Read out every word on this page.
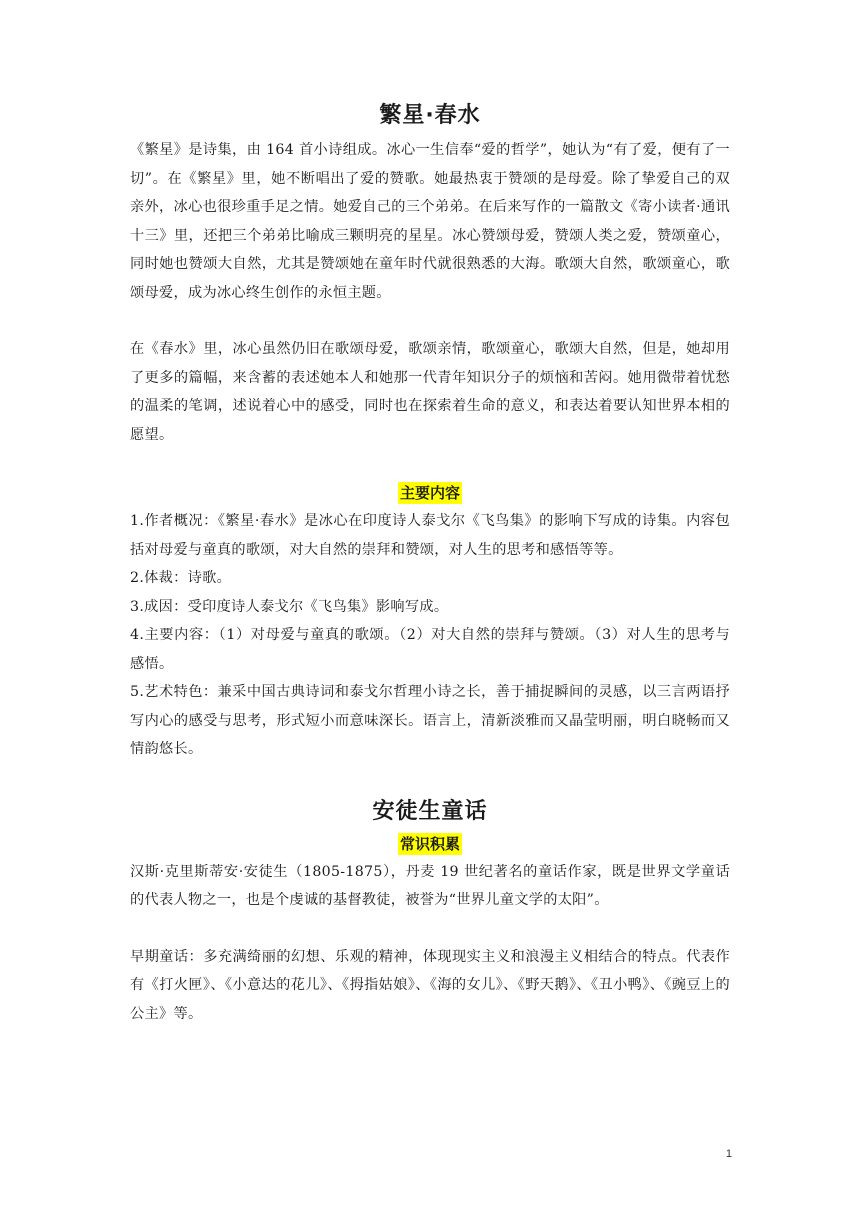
繁星·春水

《繁星》是诗集，由 164 首小诗组成。冰心一生信奉“爱的哲学”，她认为“有了爱，便有了一切”。在《繁星》里，她不断唱出了爱的赞歌。她最热衷于赞颂的是母爱。除了挚爱自己的双亲外，冰心也很珍重手足之情。她爱自己的三个弟弟。在后来写作的一篇散文《寄小读者·通讯十三》里，还把三个弟弟比喻成三颗明亮的星星。冰心赞颂母爱，赞颂人类之爱，赞颂童心，同时她也赞颂大自然，尤其是赞颂她在童年时代就很熟悉的大海。歌颂大自然，歌颂童心，歌颂母爱，成为冰心终生创作的永恒主题。

在《春水》里，冰心虽然仍旧在歌颂母爱，歌颂亲情，歌颂童心，歌颂大自然，但是，她却用了更多的篇幅，来含蓄的表述她本人和她那一代青年知识分子的烦恼和苦闷。她用微带着忧愁的温柔的笔调，述说着心中的感受，同时也在探索着生命的意义，和表达着要认知世界本相的愿望。

主要内容

1.作者概况：《繁星·春水》是冰心在印度诗人泰戈尔《飞鸟集》的影响下写成的诗集。内容包括对母爱与童真的歌颂，对大自然的崇拜和赞颂，对人生的思考和感悟等等。

2.体裁：诗歌。

3.成因：受印度诗人泰戈尔《飞鸟集》影响写成。

4.主要内容：（1）对母爱与童真的歌颂。（2）对大自然的崇拜与赞颂。（3）对人生的思考与感悟。

5.艺术特色：兼采中国古典诗词和泰戈尔哲理小诗之长，善于捕捉瞬间的灵感，以三言两语抒写内心的感受与思考，形式短小而意味深长。语言上，清新淡雅而又晶莹明丽，明白晓畅而又情韵悠长。

安徒生童话
常识积累

汉斯·克里斯蒂安·安徒生（1805-1875），丹麦 19 世纪著名的童话作家，既是世界文学童话的代表人物之一，也是个虔诚的基督教徒，被誉为“世界儿童文学的太阳”。

早期童话：多充满绮丽的幻想、乐观的精神，体现现实主义和浪漫主义相结合的特点。代表作有《打火匣》、《小意达的花儿》、《拇指姑娘》、《海的女儿》、《野天鹅》、《丑小鸭》、《豌豆上的公主》等。

1
